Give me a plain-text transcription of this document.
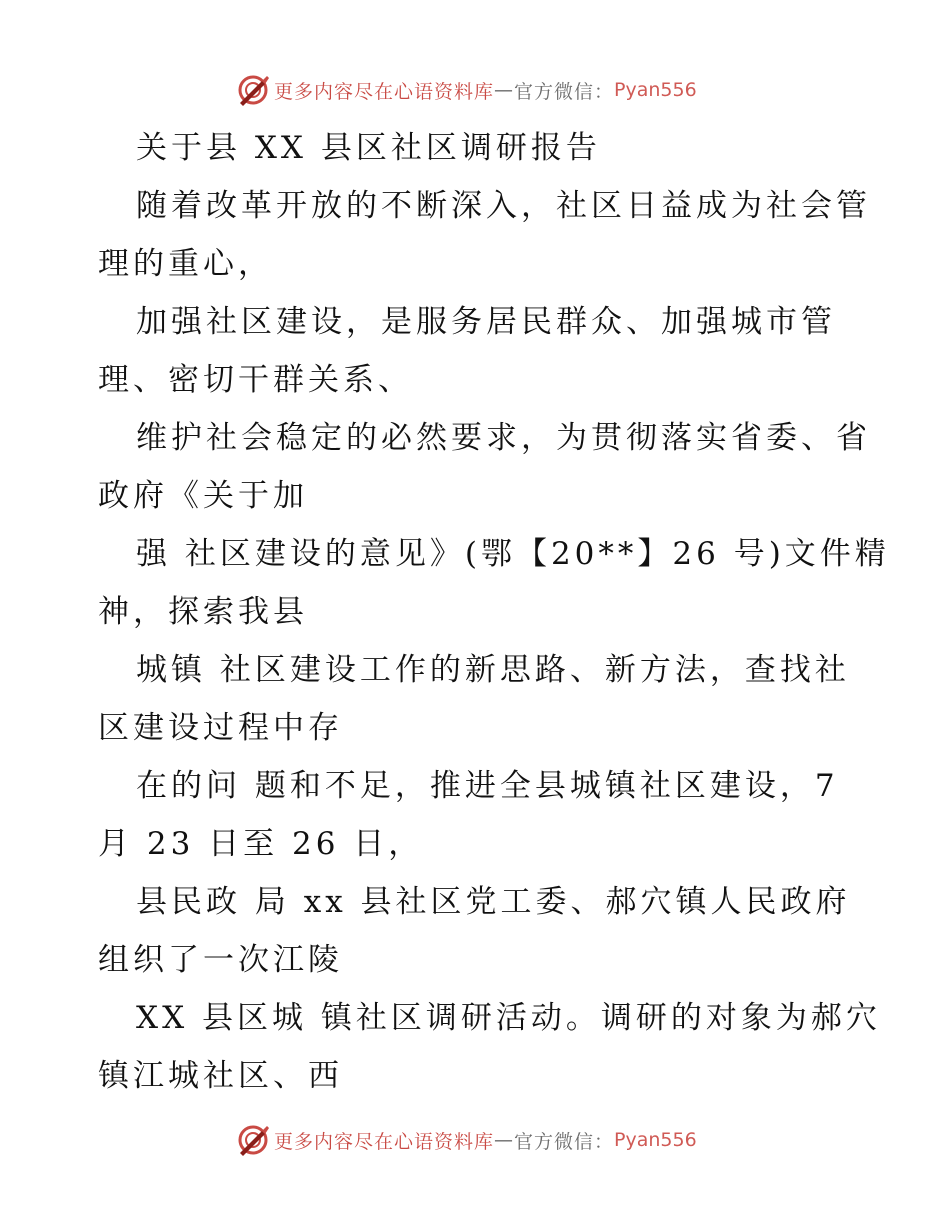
更多内容尽在心语资料库 — 官方微信： Pyan556
关于县 XX 县区社区调研报告
随着改革开放的不断深入，社区日益成为社会管
理的重心，
加强社区建设，是服务居民群众、加强城市管
理、密切干群关系、
维护社会稳定的必然要求，为贯彻落实省委、省
政府《关于加
强 社区建设的意见》(鄂【20**】26 号)文件精
神，探索我县
城镇 社区建设工作的新思路、新方法，查找社
区建设过程中存
在的问 题和不足，推进全县城镇社区建设，7
月 23 日至 26 日，
县民政 局 xx 县社区党工委、郝穴镇人民政府
组织了一次江陵
XX 县区城 镇社区调研活动。调研的对象为郝穴
镇江城社区、西
更多内容尽在心语资料库 — 官方微信： Pyan556
